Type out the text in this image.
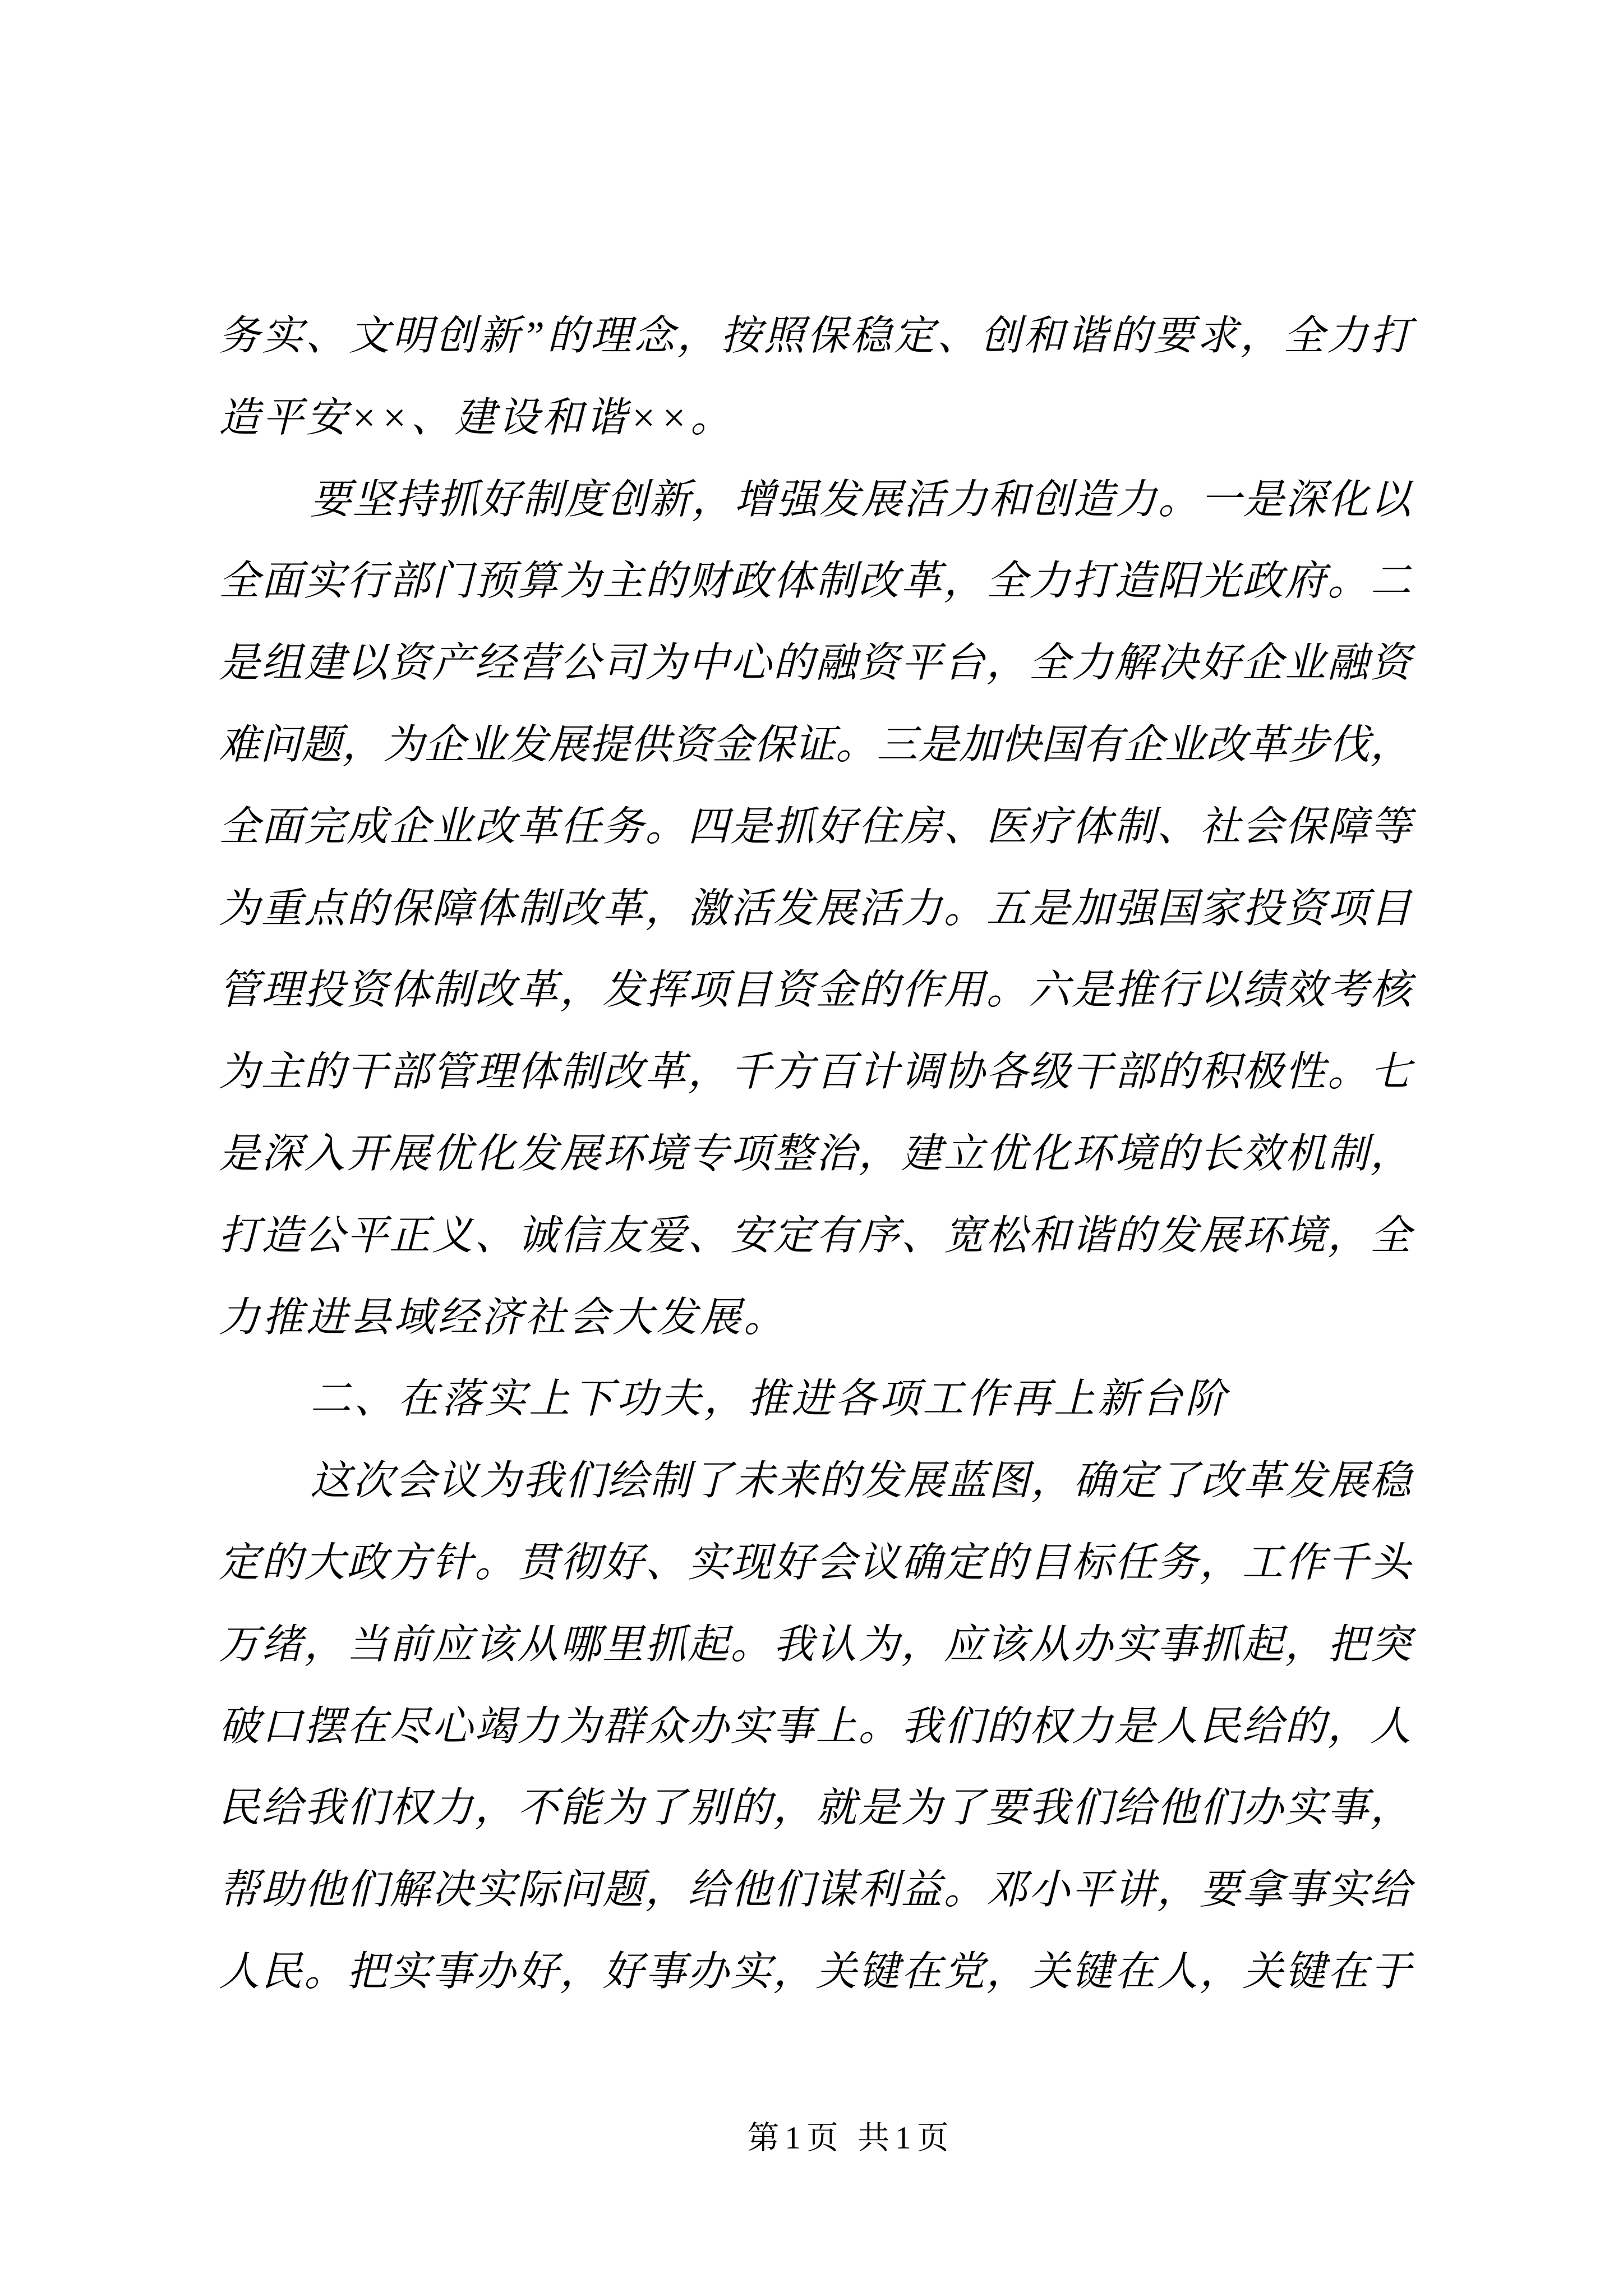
务实、文明创新”的理念，按照保稳定、创和谐的要求，全力打
造平安××、建设和谐××。
要坚持抓好制度创新，增强发展活力和创造力。一是深化以
全面实行部门预算为主的财政体制改革，全力打造阳光政府。二
是组建以资产经营公司为中心的融资平台，全力解决好企业融资
难问题，为企业发展提供资金保证。三是加快国有企业改革步伐，
全面完成企业改革任务。四是抓好住房、医疗体制、社会保障等
为重点的保障体制改革，激活发展活力。五是加强国家投资项目
管理投资体制改革，发挥项目资金的作用。六是推行以绩效考核
为主的干部管理体制改革，千方百计调协各级干部的积极性。七
是深入开展优化发展环境专项整治，建立优化环境的长效机制，
打造公平正义、诚信友爱、安定有序、宽松和谐的发展环境，全
力推进县域经济社会大发展。
二、在落实上下功夫，推进各项工作再上新台阶
这次会议为我们绘制了未来的发展蓝图，确定了改革发展稳
定的大政方针。贯彻好、实现好会议确定的目标任务，工作千头
万绪，当前应该从哪里抓起。我认为，应该从办实事抓起，把突
破口摆在尽心竭力为群众办实事上。我们的权力是人民给的，人
民给我们权力，不能为了别的，就是为了要我们给他们办实事，
帮助他们解决实际问题，给他们谋利益。邓小平讲，要拿事实给
人民。把实事办好，好事办实，关键在党，关键在人，关键在于
第1页 共1页
